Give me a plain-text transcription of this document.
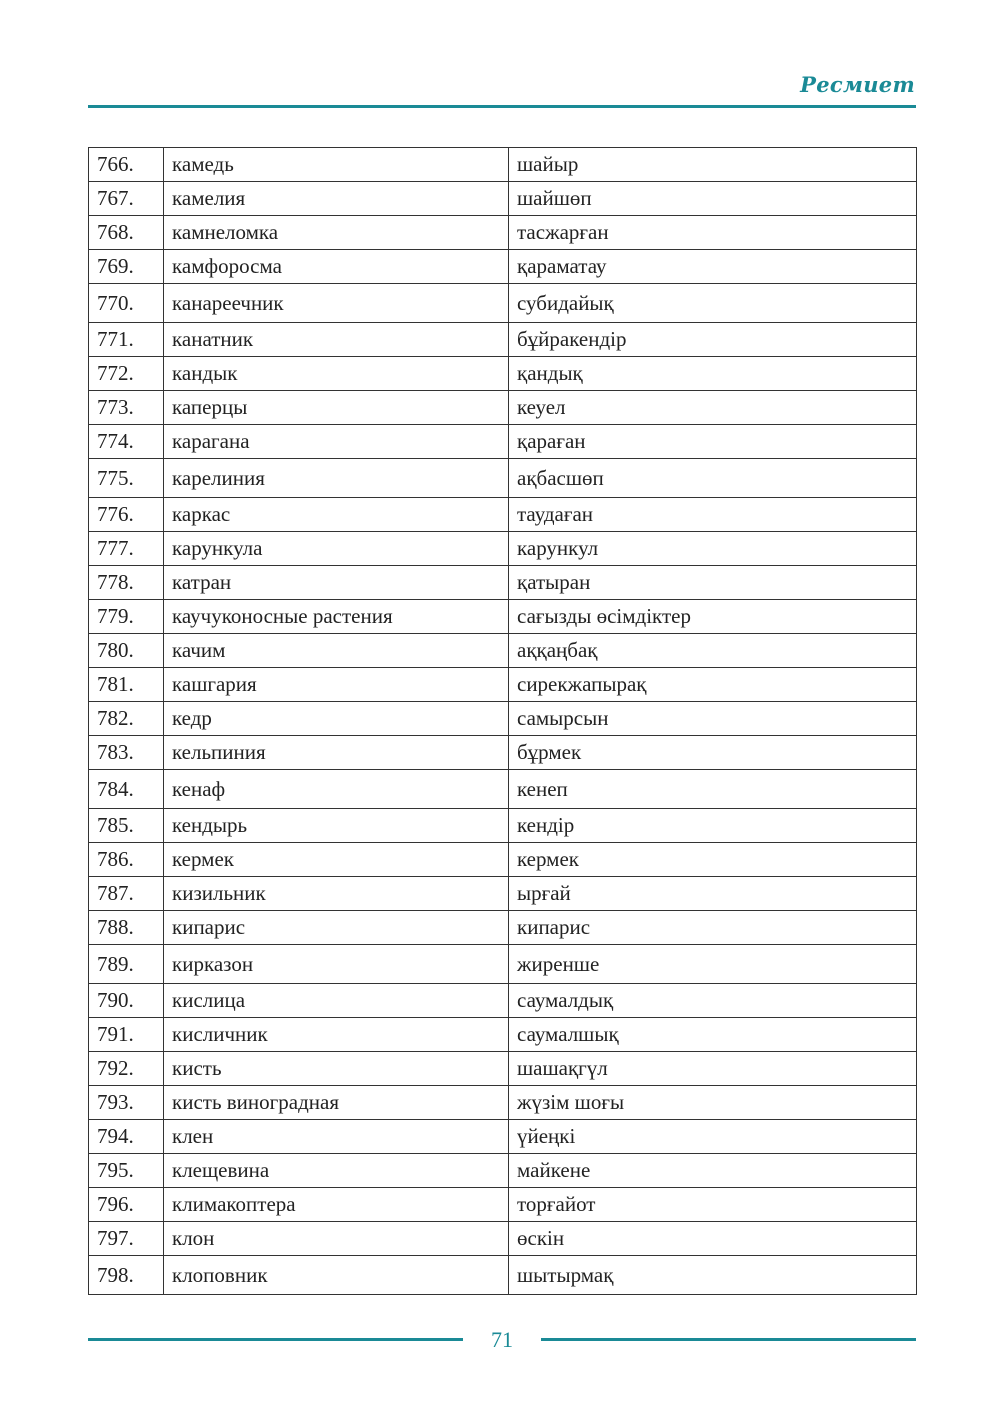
Ресмиет
766.	камедь	шайыр
767.	камелия	шайшөп
768.	камнеломка	тасжарған
769.	камфоросма	қараматау
770.	канареечник	субидайық
771.	канатник	бұйракендір
772.	кандык	қандық
773.	каперцы	кеуел
774.	карагана	қараған
775.	карелиния	ақбасшөп
776.	каркас	таудаған
777.	карункула	карункул
778.	катран	қатыран
779.	каучуконосные растения	сағызды өсімдіктер
780.	качим	аққаңбақ
781.	кашгария	сирекжапырақ
782.	кедр	самырсын
783.	кельпиния	бұрмек
784.	кенаф	кенеп
785.	кендырь	кендір
786.	кермек	кермек
787.	кизильник	ырғай
788.	кипарис	кипарис
789.	кирказон	жиренше
790.	кислица	саумалдық
791.	кисличник	саумалшық
792.	кисть	шашақгүл
793.	кисть виноградная	жүзім шоғы
794.	клен	үйеңкі
795.	клещевина	майкене
796.	климакоптера	торғайот
797.	клон	өскін
798.	клоповник	шытырмақ
71
